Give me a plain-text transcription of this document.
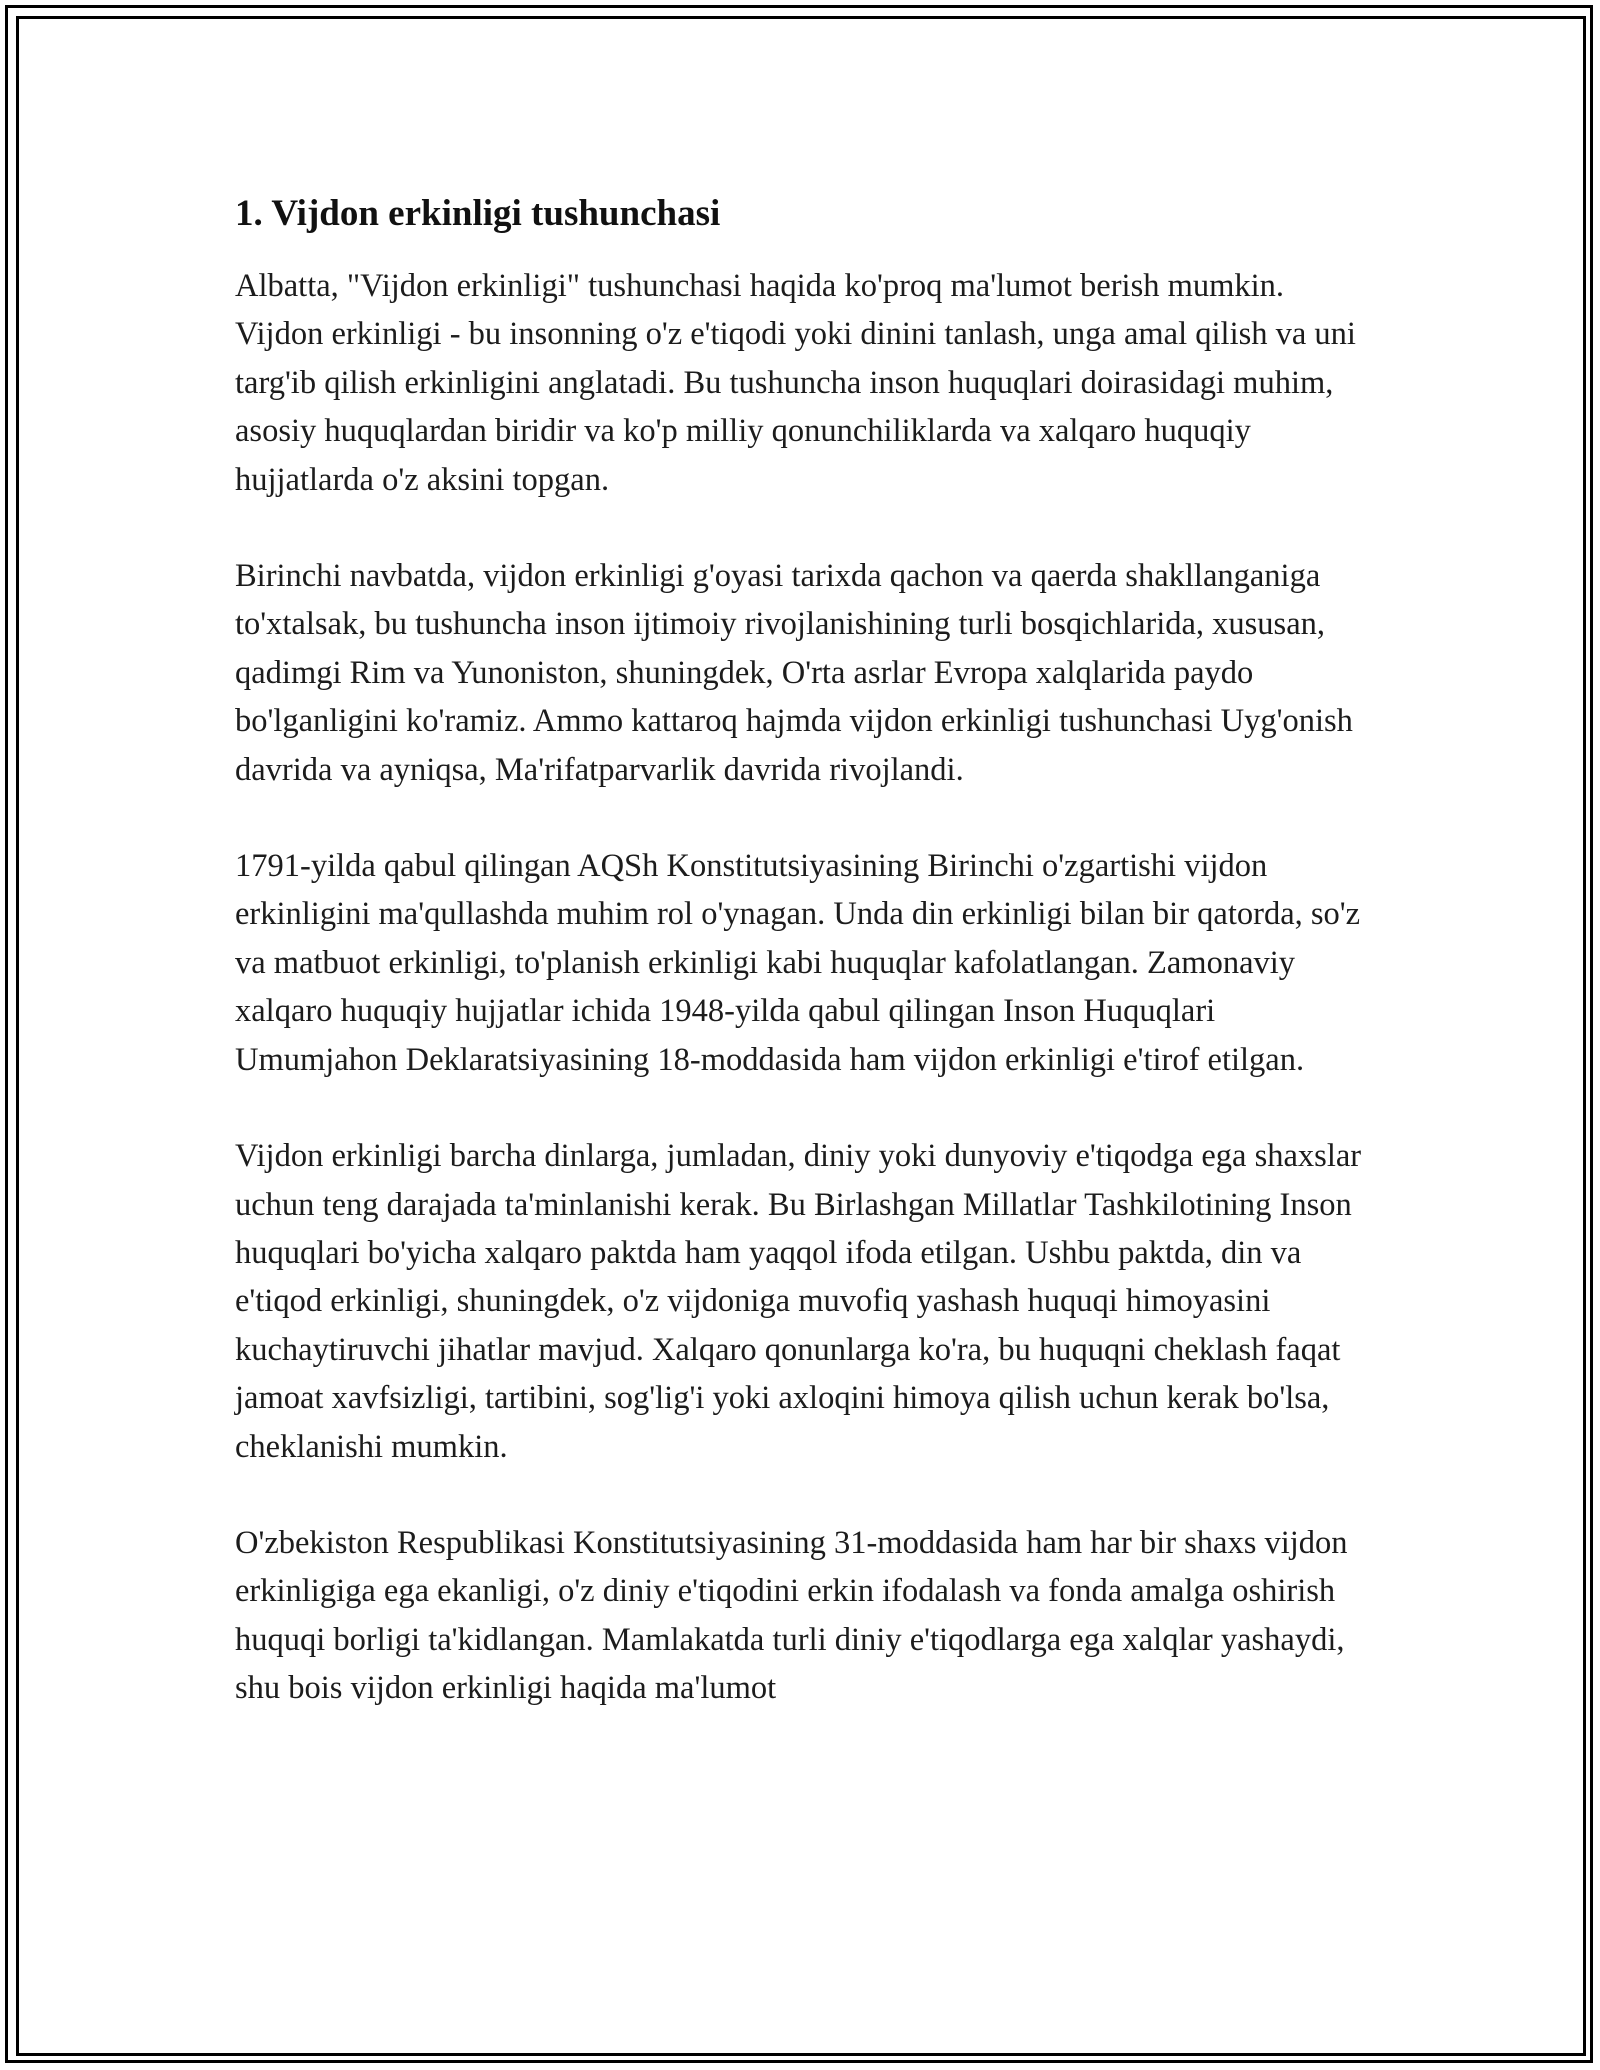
1. Vijdon erkinligi tushunchasi

Albatta, "Vijdon erkinligi" tushunchasi haqida ko'proq ma'lumot berish mumkin. Vijdon erkinligi - bu insonning o'z e'tiqodi yoki dinini tanlash, unga amal qilish va uni targ'ib qilish erkinligini anglatadi. Bu tushuncha inson huquqlari doirasidagi muhim, asosiy huquqlardan biridir va ko'p milliy qonunchiliklarda va xalqaro huquqiy hujjatlarda o'z aksini topgan.

Birinchi navbatda, vijdon erkinligi g'oyasi tarixda qachon va qaerda shakllanganiga to'xtalsak, bu tushuncha inson ijtimoiy rivojlanishining turli bosqichlarida, xususan, qadimgi Rim va Yunoniston, shuningdek, O'rta asrlar Evropa xalqlarida paydo bo'lganligini ko'ramiz. Ammo kattaroq hajmda vijdon erkinligi tushunchasi Uyg'onish davrida va ayniqsa, Ma'rifatparvarlik davrida rivojlandi.

1791-yilda qabul qilingan AQSh Konstitutsiyasining Birinchi o'zgartishi vijdon erkinligini ma'qullashda muhim rol o'ynagan. Unda din erkinligi bilan bir qatorda, so'z va matbuot erkinligi, to'planish erkinligi kabi huquqlar kafolatlangan. Zamonaviy xalqaro huquqiy hujjatlar ichida 1948-yilda qabul qilingan Inson Huquqlari Umumjahon Deklaratsiyasining 18-moddasida ham vijdon erkinligi e'tirof etilgan.

Vijdon erkinligi barcha dinlarga, jumladan, diniy yoki dunyoviy e'tiqodga ega shaxslar uchun teng darajada ta'minlanishi kerak. Bu Birlashgan Millatlar Tashkilotining Inson huquqlari bo'yicha xalqaro paktda ham yaqqol ifoda etilgan. Ushbu paktda, din va e'tiqod erkinligi, shuningdek, o'z vijdoniga muvofiq yashash huquqi himoyasini kuchaytiruvchi jihatlar mavjud. Xalqaro qonunlarga ko'ra, bu huquqni cheklash faqat jamoat xavfsizligi, tartibini, sog'lig'i yoki axloqini himoya qilish uchun kerak bo'lsa, cheklanishi mumkin.

O'zbekiston Respublikasi Konstitutsiyasining 31-moddasida ham har bir shaxs vijdon erkinligiga ega ekanligi, o'z diniy e'tiqodini erkin ifodalash va fonda amalga oshirish huquqi borligi ta'kidlangan. Mamlakatda turli diniy e'tiqodlarga ega xalqlar yashaydi, shu bois vijdon erkinligi haqida ma'lumot
